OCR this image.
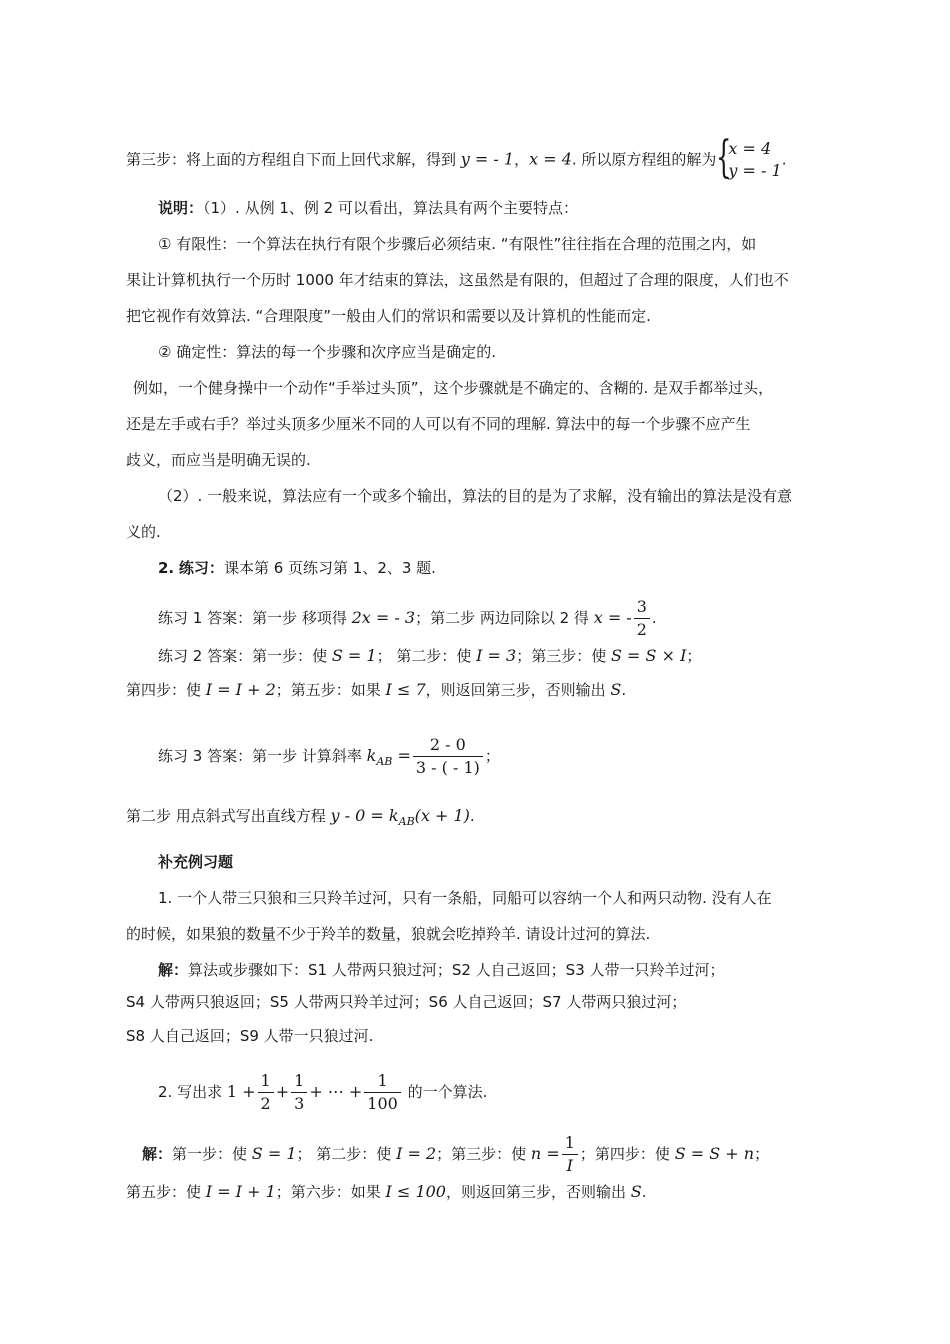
第三步：将上面的方程组自下而上回代求解，得到 y = - 1，x = 4. 所以原方程组的解为 {
x = 4
y = - 1
.
说明：（1）. 从例 1、例 2 可以看出，算法具有两个主要特点：
① 有限性：一个算法在执行有限个步骤后必须结束. “有限性”往往指在合理的范围之内，如
果让计算机执行一个历时 1000 年才结束的算法，这虽然是有限的，但超过了合理的限度，人们也不
把它视作有效算法. “合理限度”一般由人们的常识和需要以及计算机的性能而定.
② 确定性：算法的每一个步骤和次序应当是确定的.
例如，一个健身操中一个动作“手举过头顶”，这个步骤就是不确定的、含糊的. 是双手都举过头，
还是左手或右手？举过头顶多少厘米不同的人可以有不同的理解. 算法中的每一个步骤不应产生
歧义，而应当是明确无误的.
（2）. 一般来说，算法应有一个或多个输出，算法的目的是为了求解，没有输出的算法是没有意
义的.
2. 练习：课本第 6 页练习第 1、2、3 题.
练习 1 答案：第一步 移项得 2x = - 3；第二步 两边同除以 2 得 x = - $\frac{3}{2}$ .
练习 2 答案：第一步：使 S = 1； 第二步：使 I = 3；第三步：使 S = S × I；
第四步：使 I = I + 2；第五步：如果 I ≤ 7，则返回第三步，否则输出 S.
练习 3 答案：第一步 计算斜率 $k_{AB} = \frac{2 - 0}{3 - ( - 1)}$ ；
第二步 用点斜式写出直线方程 $y - 0 = k_{AB}(x + 1)$.
补充例习题
1. 一个人带三只狼和三只羚羊过河，只有一条船，同船可以容纳一个人和两只动物. 没有人在
的时候，如果狼的数量不少于羚羊的数量，狼就会吃掉羚羊. 请设计过河的算法.
解：算法或步骤如下：S1 人带两只狼过河；S2 人自己返回；S3 人带一只羚羊过河；
S4 人带两只狼返回；S5 人带两只羚羊过河；S6 人自己返回；S7 人带两只狼过河；
S8 人自己返回；S9 人带一只狼过河.
2. 写出求 $1 + \frac{1}{2} + \frac{1}{3}$ + ⋯ + $\frac{1}{100}$ 的一个算法.
解：第一步：使 S = 1； 第二步：使 I = 2；第三步：使 $n = \frac{1}{I}$ ；第四步：使 S = S + n；
第五步：使 I = I + 1；第六步：如果 I ≤ 100，则返回第三步，否则输出 S.
